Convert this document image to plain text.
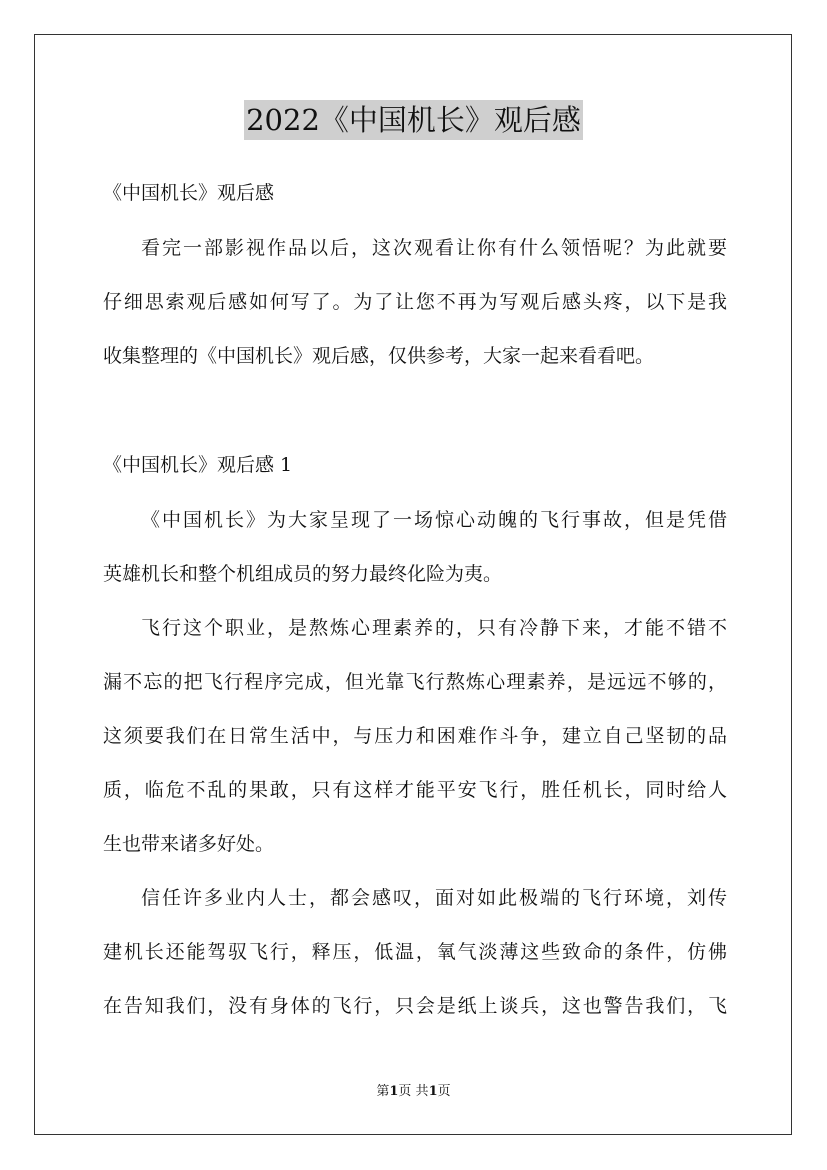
2022《中国机长》观后感
《中国机长》观后感
看完一部影视作品以后，这次观看让你有什么领悟呢？为此就要
仔细思索观后感如何写了。为了让您不再为写观后感头疼，以下是我
收集整理的《中国机长》观后感，仅供参考，大家一起来看看吧。
《中国机长》观后感 1
《中国机长》为大家呈现了一场惊心动魄的飞行事故，但是凭借
英雄机长和整个机组成员的努力最终化险为夷。
飞行这个职业，是熬炼心理素养的，只有冷静下来，才能不错不
漏不忘的把飞行程序完成，但光靠飞行熬炼心理素养，是远远不够的，
这须要我们在日常生活中，与压力和困难作斗争，建立自己坚韧的品
质，临危不乱的果敢，只有这样才能平安飞行，胜任机长，同时给人
生也带来诸多好处。
信任许多业内人士，都会感叹，面对如此极端的飞行环境，刘传
建机长还能驾驭飞行，释压，低温，氧气淡薄这些致命的条件，仿佛
在告知我们，没有身体的飞行，只会是纸上谈兵，这也警告我们，飞
第1页 共1页
